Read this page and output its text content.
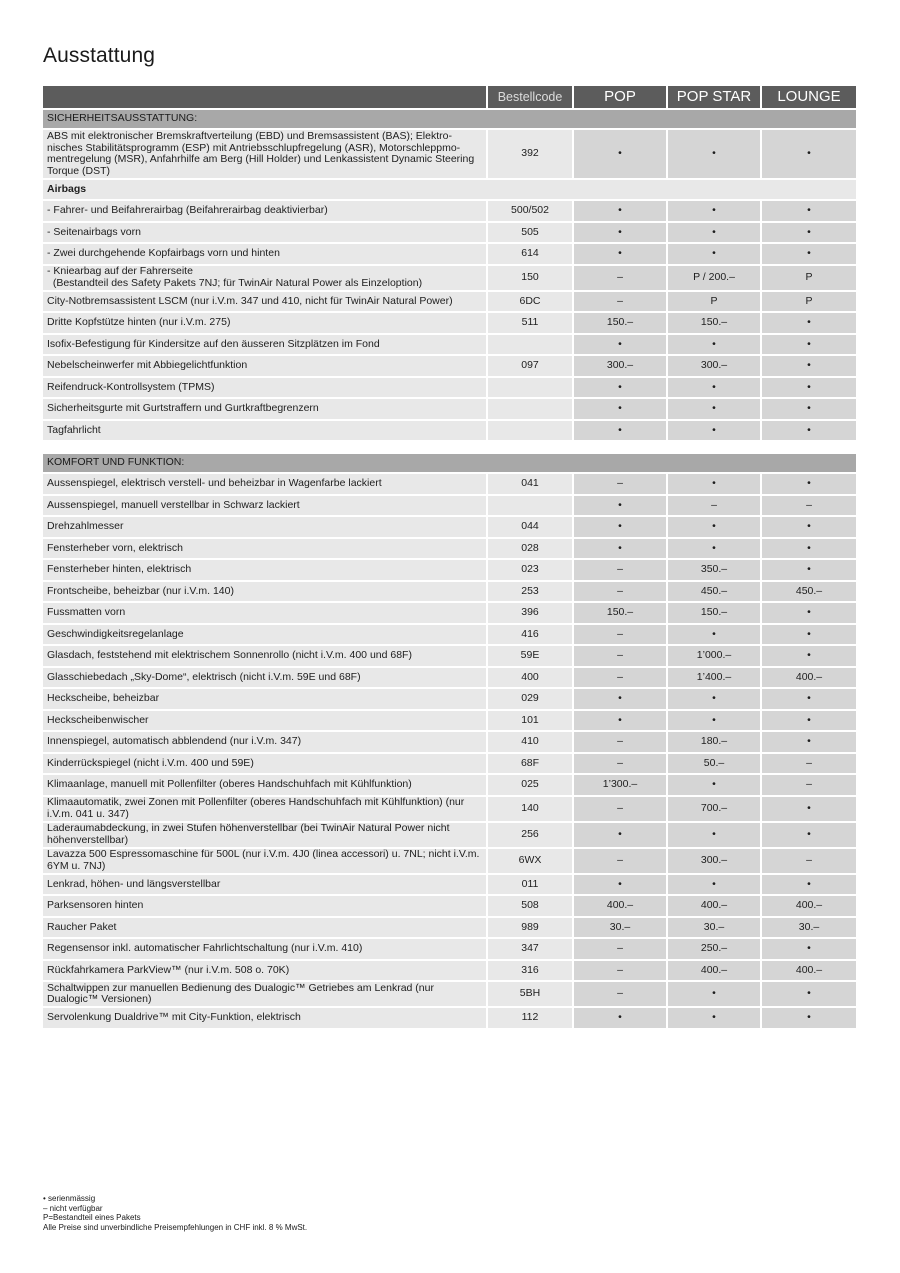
Ausstattung
	Bestellcode	POP	POP STAR	LOUNGE
SICHERHEITSAUSSTATTUNG:				
ABS mit elektronischer Bremskraftverteilung (EBD) und Bremsassistent (BAS); Elektro-nisches Stabilitätsprogramm (ESP) mit Antriebsschlupfregelung (ASR), Motorschleppmo-mentregelung (MSR), Anfahrhilfe am Berg (Hill Holder) und Lenkassistent Dynamic Steering Torque (DST)	392	•	•	•
Airbags				
- Fahrer- und Beifahrerairbag (Beifahrerairbag deaktivierbar)	500/502	•	•	•
- Seitenairbags vorn	505	•	•	•
- Zwei durchgehende Kopfairbags vorn und hinten	614	•	•	•
- Kniearbag auf der Fahrerseite
(Bestandteil des Safety Pakets 7NJ; für TwinAir Natural Power als Einzeloption)	150	–	P / 200.–	P
City-Notbremsassistent LSCM (nur i.V.m. 347 und 410, nicht für TwinAir Natural Power)	6DC	–	P	P
Dritte Kopfstütze hinten (nur i.V.m. 275)	511	150.–	150.–	•
Isofix-Befestigung für Kindersitze auf den äusseren Sitzplätzen im Fond		•	•	•
Nebelscheinwerfer mit Abbiegelichtfunktion	097	300.–	300.–	•
Reifendruck-Kontrollsystem (TPMS)		•	•	•
Sicherheitsgurte mit Gurtstraffern und Gurtkraftbegrenzern		•	•	•
Tagfahrlicht		•	•	•

KOMFORT UND FUNKTION:				
Aussenspiegel, elektrisch verstell- und beheizbar in Wagenfarbe lackiert	041	–	•	•
Aussenspiegel, manuell verstellbar in Schwarz lackiert		•	–	–
Drehzahlmesser	044	•	•	•
Fensterheber vorn, elektrisch	028	•	•	•
Fensterheber hinten, elektrisch	023	–	350.–	•
Frontscheibe, beheizbar (nur i.V.m. 140)	253	–	450.–	450.–
Fussmatten vorn	396	150.–	150.–	•
Geschwindigkeitsregelanlage	416	–	•	•
Glasdach, feststehend mit elektrischem Sonnenrollo (nicht i.V.m. 400 und 68F)	59E	–	1’000.–	•
Glasschiebedach „Sky-Dome“, elektrisch (nicht i.V.m. 59E und 68F)	400	–	1’400.–	400.–
Heckscheibe, beheizbar	029	•	•	•
Heckscheibenwischer	101	•	•	•
Innenspiegel, automatisch abblendend (nur i.V.m. 347)	410	–	180.–	•
Kinderrückspiegel (nicht i.V.m. 400 und 59E)	68F	–	50.–	–
Klimaanlage, manuell mit Pollenfilter (oberes Handschuhfach mit Kühlfunktion)	025	1’300.–	•	–
Klimaautomatik, zwei Zonen mit Pollenfilter (oberes Handschuhfach mit Kühlfunktion) (nur i.V.m. 041 u. 347)	140	–	700.–	•
Laderaumabdeckung, in zwei Stufen höhenverstellbar (bei TwinAir Natural Power nicht höhenverstellbar)	256	•	•	•
Lavazza 500 Espressomaschine für 500L (nur i.V.m. 4J0 (linea accessori) u. 7NL; nicht i.V.m. 6YM u. 7NJ)	6WX	–	300.–	–
Lenkrad, höhen- und längsverstellbar	011	•	•	•
Parksensoren hinten	508	400.–	400.–	400.–
Raucher Paket	989	30.–	30.–	30.–
Regensensor inkl. automatischer Fahrlichtschaltung (nur i.V.m. 410)	347	–	250.–	•
Rückfahrkamera ParkView™ (nur i.V.m. 508 o. 70K)	316	–	400.–	400.–
Schaltwippen zur manuellen Bedienung des Dualogic™ Getriebes am Lenkrad (nur Dualogic™ Versionen)	5BH	–	•	•
Servolenkung Dualdrive™ mit City-Funktion, elektrisch	112	•	•	•
• serienmässig
– nicht verfügbar
P=Bestandteil eines Pakets
Alle Preise sind unverbindliche Preisempfehlungen in CHF inkl. 8 % MwSt.
